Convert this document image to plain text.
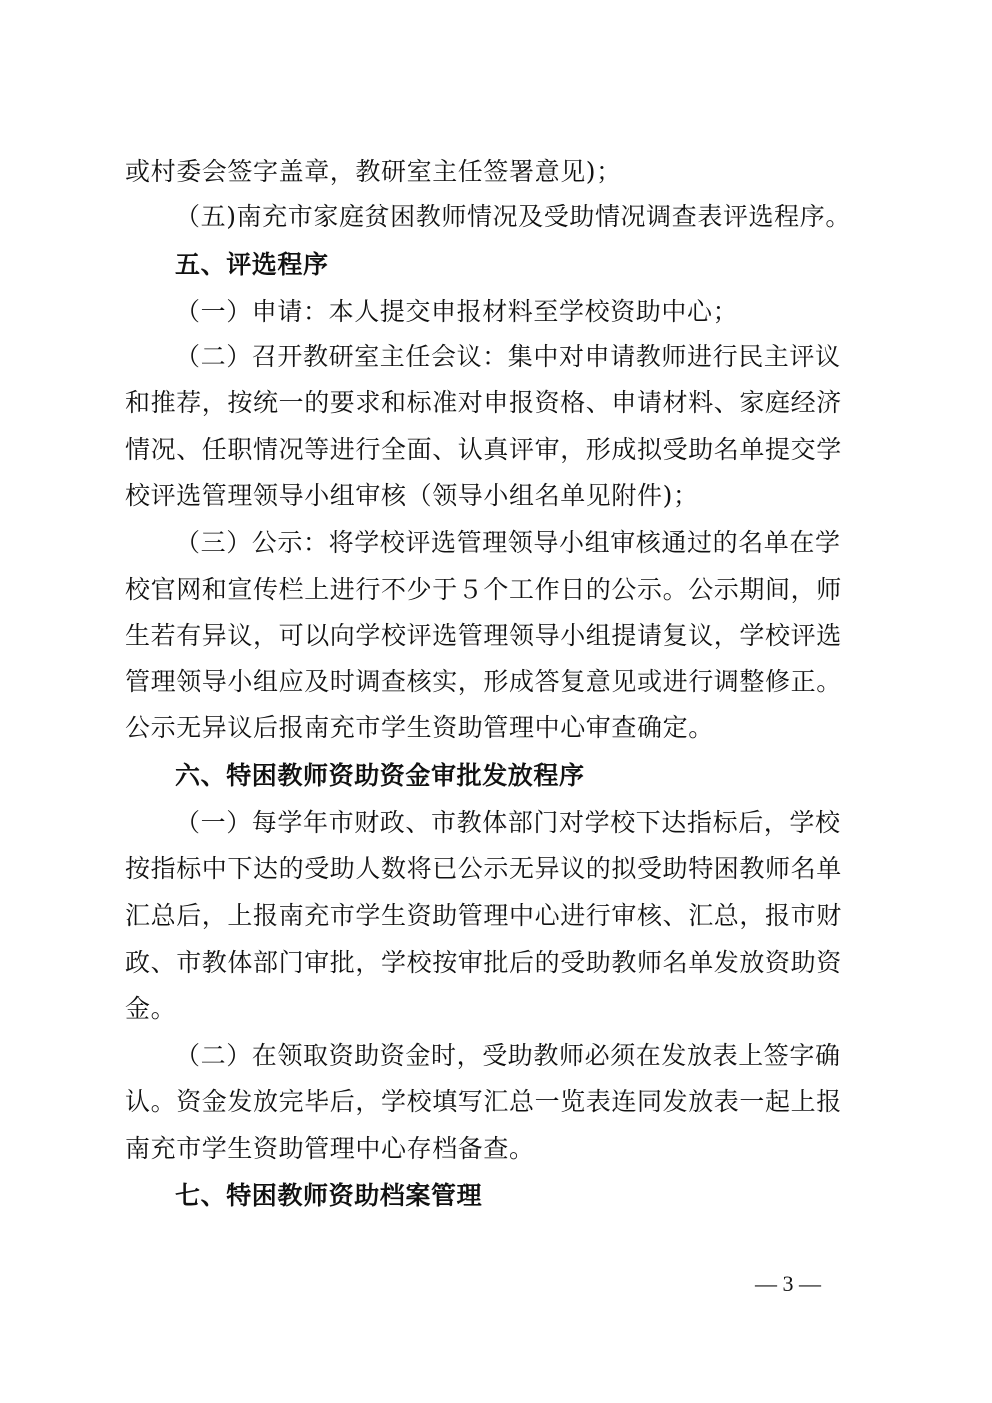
或村委会签字盖章，教研室主任签署意见)；
（五)南充市家庭贫困教师情况及受助情况调查表评选程序。
五、评选程序
（一）申请：本人提交申报材料至学校资助中心；
（二）召开教研室主任会议：集中对申请教师进行民主评议
和推荐，按统一的要求和标准对申报资格、申请材料、家庭经济
情况、任职情况等进行全面、认真评审，形成拟受助名单提交学
校评选管理领导小组审核（领导小组名单见附件)；
（三）公示：将学校评选管理领导小组审核通过的名单在学
校官网和宣传栏上进行不少于５个工作日的公示。公示期间，师
生若有异议，可以向学校评选管理领导小组提请复议，学校评选
管理领导小组应及时调查核实，形成答复意见或进行调整修正。
公示无异议后报南充市学生资助管理中心审查确定。
六、特困教师资助资金审批发放程序
（一）每学年市财政、市教体部门对学校下达指标后，学校
按指标中下达的受助人数将已公示无异议的拟受助特困教师名单
汇总后，上报南充市学生资助管理中心进行审核、汇总，报市财
政、市教体部门审批，学校按审批后的受助教师名单发放资助资
金。
（二）在领取资助资金时，受助教师必须在发放表上签字确
认。资金发放完毕后，学校填写汇总一览表连同发放表一起上报
南充市学生资助管理中心存档备查。
七、特困教师资助档案管理
— 3 —
